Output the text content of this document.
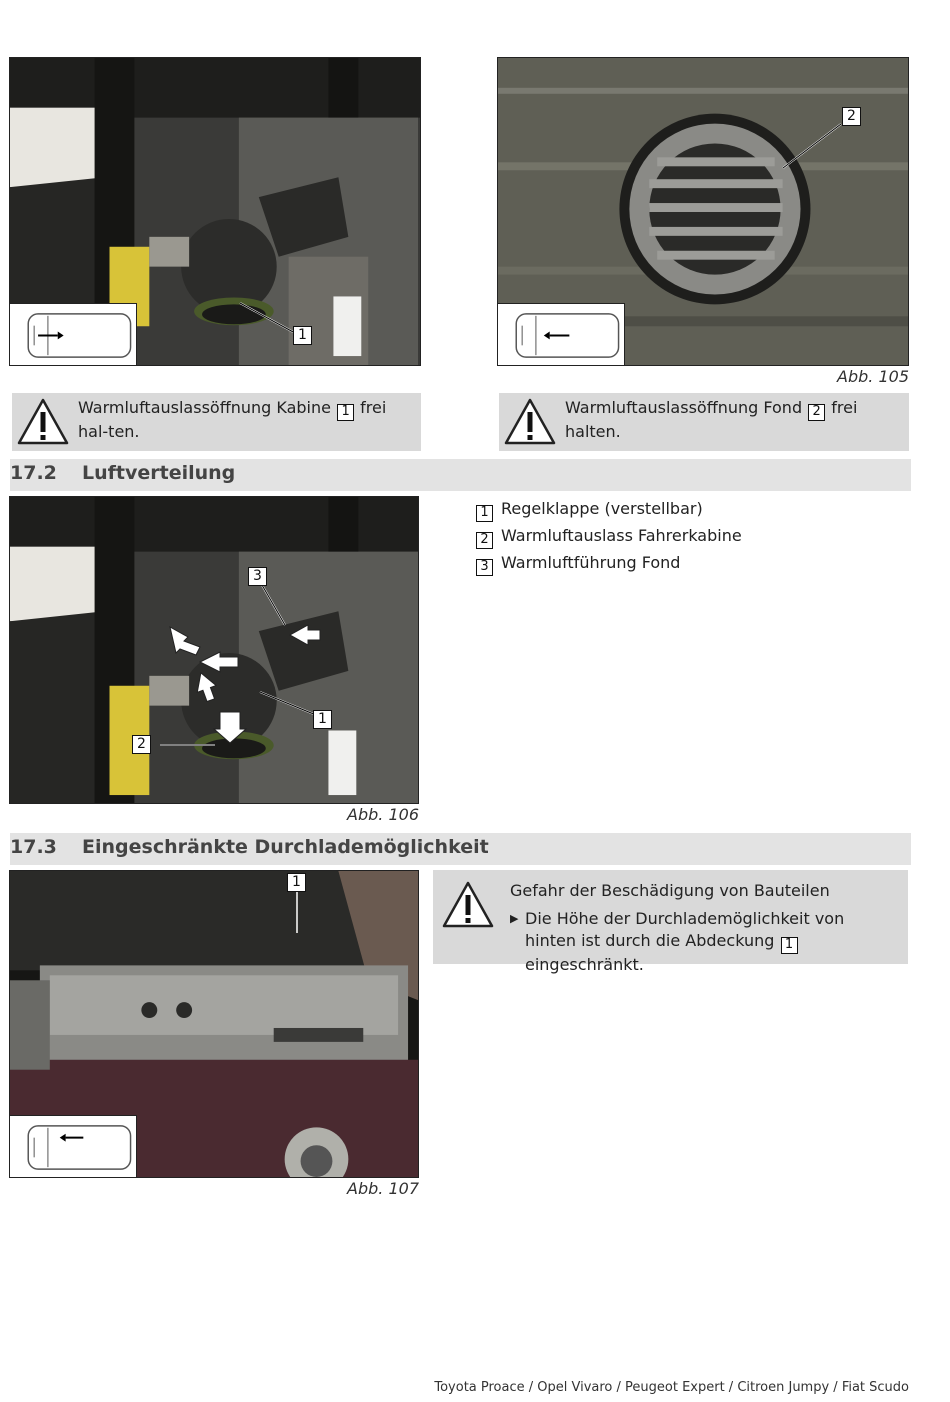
1
2
Abb. 105
Warmluftauslassöffnung Kabine 1 frei hal-ten.
Warmluftauslassöffnung Fond 2 frei halten.
17.2 Luftverteilung
3
1
2
Abb. 106
1 Regelklappe (verstellbar)
2 Warmluftauslass Fahrerkabine
3 Warmluftführung Fond
17.3 Eingeschränkte Durchlademöglichkeit
1
Abb. 107
Gefahr der Beschädigung von Bauteilen
▶ Die Höhe der Durchlademöglichkeit von hinten ist durch die Abdeckung 1 eingeschränkt.
Toyota Proace / Opel Vivaro / Peugeot Expert / Citroen Jumpy / Fiat Scudo
